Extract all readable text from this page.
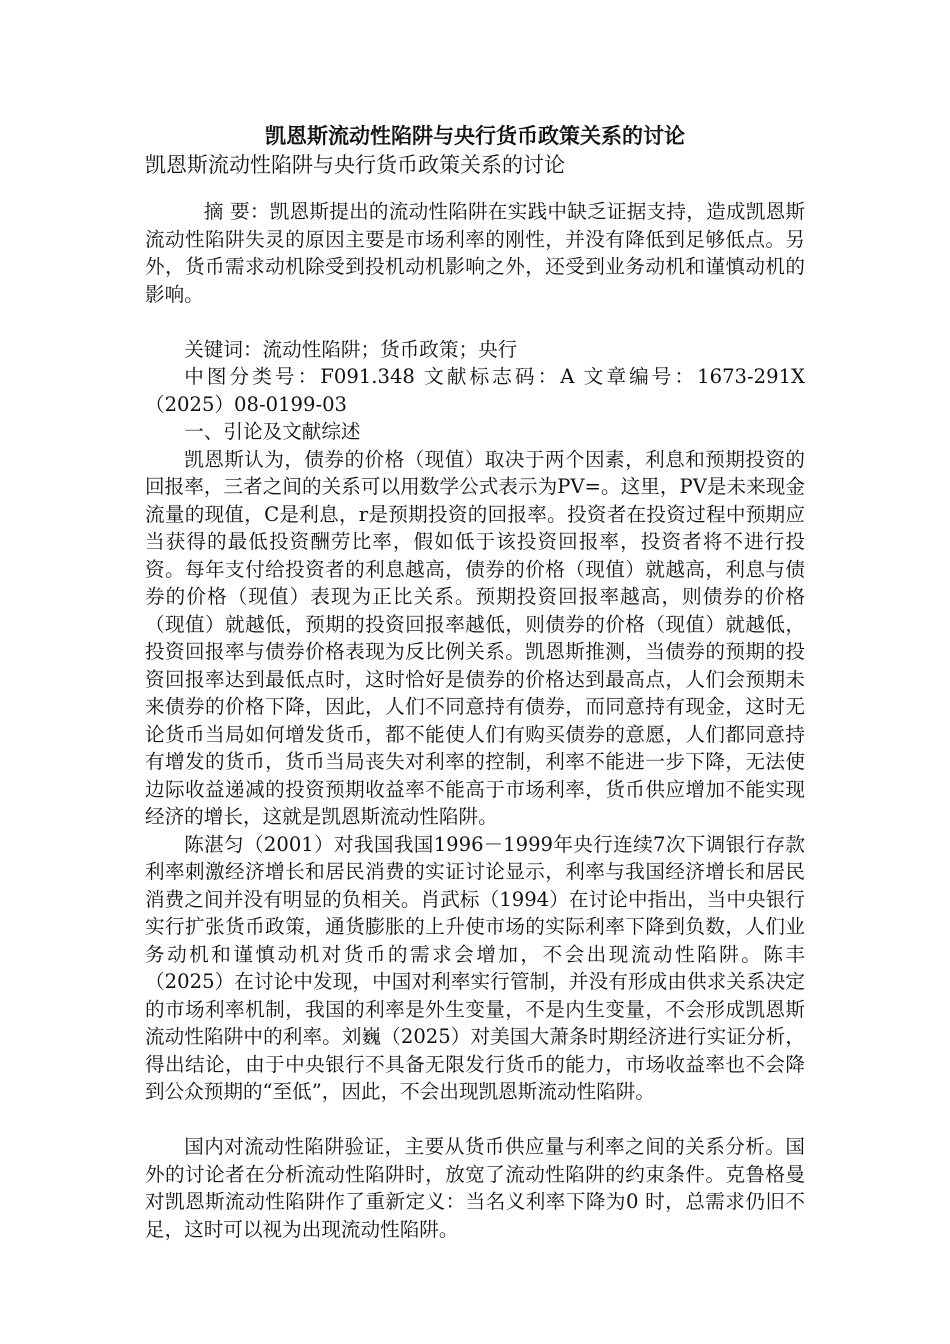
凯恩斯流动性陷阱与央行货币政策关系的讨论
凯恩斯流动性陷阱与央行货币政策关系的讨论

摘 要：凯恩斯提出的流动性陷阱在实践中缺乏证据支持，造成凯恩斯流动性陷阱失灵的原因主要是市场利率的刚性，并没有降低到足够低点。另外，货币需求动机除受到投机动机影响之外，还受到业务动机和谨慎动机的影响。

关键词：流动性陷阱；货币政策；央行

中图分类号：F091.348 文献标志码：A 文章编号：1673-291X（2025）08-0199-03

一、引论及文献综述

凯恩斯认为，债券的价格（现值）取决于两个因素，利息和预期投资的回报率，三者之间的关系可以用数学公式表示为PV=。这里，PV是未来现金流量的现值，C是利息，r是预期投资的回报率。投资者在投资过程中预期应当获得的最低投资酬劳比率，假如低于该投资回报率，投资者将不进行投资。每年支付给投资者的利息越高，债券的价格（现值）就越高，利息与债券的价格（现值）表现为正比关系。预期投资回报率越高，则债券的价格（现值）就越低，预期的投资回报率越低，则债券的价格（现值）就越低，投资回报率与债券价格表现为反比例关系。凯恩斯推测，当债券的预期的投资回报率达到最低点时，这时恰好是债券的价格达到最高点，人们会预期未来债券的价格下降，因此，人们不同意持有债券，而同意持有现金，这时无论货币当局如何增发货币，都不能使人们有购买债券的意愿，人们都同意持有增发的货币，货币当局丧失对利率的控制，利率不能进一步下降，无法使边际收益递减的投资预期收益率不能高于市场利率，货币供应增加不能实现经济的增长，这就是凯恩斯流动性陷阱。

陈湛匀（2001）对我国我国1996－1999年央行连续7次下调银行存款利率刺激经济增长和居民消费的实证讨论显示，利率与我国经济增长和居民消费之间并没有明显的负相关。肖武标（1994）在讨论中指出，当中央银行实行扩张货币政策，通货膨胀的上升使市场的实际利率下降到负数，人们业务动机和谨慎动机对货币的需求会增加，不会出现流动性陷阱。陈丰（2025）在讨论中发现，中国对利率实行管制，并没有形成由供求关系决定的市场利率机制，我国的利率是外生变量，不是内生变量，不会形成凯恩斯流动性陷阱中的利率。刘巍（2025）对美国大萧条时期经济进行实证分析，得出结论，由于中央银行不具备无限发行货币的能力，市场收益率也不会降到公众预期的“至低”，因此，不会出现凯恩斯流动性陷阱。

国内对流动性陷阱验证，主要从货币供应量与利率之间的关系分析。国外的讨论者在分析流动性陷阱时，放宽了流动性陷阱的约束条件。克鲁格曼对凯恩斯流动性陷阱作了重新定义：当名义利率下降为0 时，总需求仍旧不足，这时可以视为出现流动性陷阱。
